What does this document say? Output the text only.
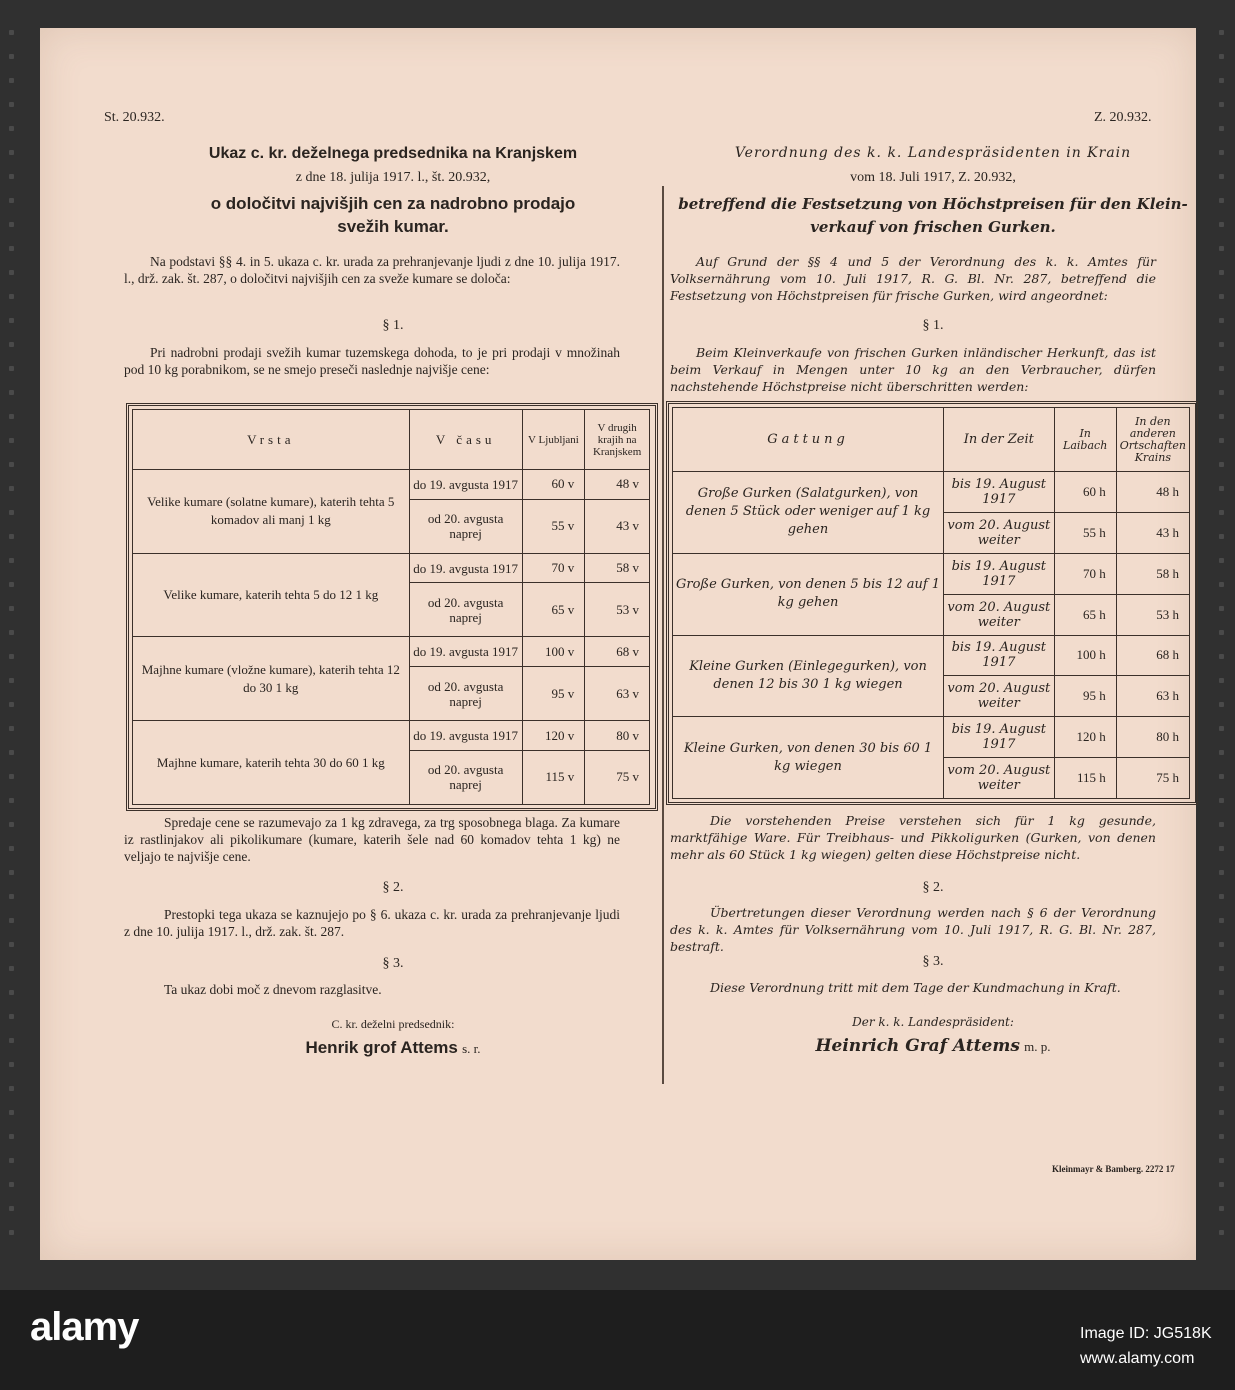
St. 20.932.
Ukaz c. kr. deželnega predsednika na Kranjskem
z dne 18. julija 1917. l., št. 20.932,
o določitvi najvišjih cen za nadrobno prodajo
svežih kumar.
Na podstavi §§ 4. in 5. ukaza c. kr. urada za prehranjevanje ljudi z dne 10. julija 1917. l., drž. zak. št. 287, o določitvi najvišjih cen za sveže kumare se določa:
§ 1.
Pri nadrobni prodaji svežih kumar tuzemskega dohoda, to je pri prodaji v množinah pod 10 kg porabnikom, se ne smejo preseči naslednje najvišje cene:
Vrsta	V času	V Ljubljani	V drugih krajih na Kranjskem
Velike kumare (solatne kumare), katerih tehta 5 komadov ali manj 1 kg	do 19. avgusta 1917	60 v	48 v
	od 20. avgusta naprej	55 v	43 v
Velike kumare, katerih tehta 5 do 12 1 kg	do 19. avgusta 1917	70 v	58 v
	od 20. avgusta naprej	65 v	53 v
Majhne kumare (vložne kumare), katerih tehta 12 do 30 1 kg	do 19. avgusta 1917	100 v	68 v
	od 20. avgusta naprej	95 v	63 v
Majhne kumare, katerih tehta 30 do 60 1 kg	do 19. avgusta 1917	120 v	80 v
	od 20. avgusta naprej	115 v	75 v
Spredaje cene se razumevajo za 1 kg zdravega, za trg sposobnega blaga. Za kumare iz rastlinjakov ali pikolikumare (kumare, katerih šele nad 60 komadov tehta 1 kg) ne veljajo te najvišje cene.
§ 2.
Prestopki tega ukaza se kaznujejo po § 6. ukaza c. kr. urada za prehranjevanje ljudi z dne 10. julija 1917. l., drž. zak. št. 287.
§ 3.
Ta ukaz dobi moč z dnevom razglasitve.
C. kr. deželni predsednik:
Henrik grof Attems s. r.
Z. 20.932.
Verordnung des k. k. Landespräsidenten in Krain
vom 18. Juli 1917, Z. 20.932,
betreffend die Festsetzung von Höchstpreisen für den Klein-
verkauf von frischen Gurken.
Auf Grund der §§ 4 und 5 der Verordnung des k. k. Amtes für Volksernährung vom 10. Juli 1917, R. G. Bl. Nr. 287, betreffend die Festsetzung von Höchstpreisen für frische Gurken, wird angeordnet:
§ 1.
Beim Kleinverkaufe von frischen Gurken inländischer Herkunft, das ist beim Verkauf in Mengen unter 10 kg an den Verbraucher, dürfen nachstehende Höchstpreise nicht überschritten werden:
Gattung	In der Zeit	In Laibach	In den anderen Ortschaften Krains
Große Gurken (Salatgurken), von denen 5 Stück oder weniger auf 1 kg gehen	bis 19. August 1917	60 h	48 h
	vom 20. August weiter	55 h	43 h
Große Gurken, von denen 5 bis 12 auf 1 kg gehen	bis 19. August 1917	70 h	58 h
	vom 20. August weiter	65 h	53 h
Kleine Gurken (Einlegegurken), von denen 12 bis 30 1 kg wiegen	bis 19. August 1917	100 h	68 h
	vom 20. August weiter	95 h	63 h
Kleine Gurken, von denen 30 bis 60 1 kg wiegen	bis 19. August 1917	120 h	80 h
	vom 20. August weiter	115 h	75 h
Die vorstehenden Preise verstehen sich für 1 kg gesunde, marktfähige Ware. Für Treibhaus- und Pikkoligurken (Gurken, von denen mehr als 60 Stück 1 kg wiegen) gelten diese Höchstpreise nicht.
§ 2.
Übertretungen dieser Verordnung werden nach § 6 der Verordnung des k. k. Amtes für Volksernährung vom 10. Juli 1917, R. G. Bl. Nr. 287, bestraft.
§ 3.
Diese Verordnung tritt mit dem Tage der Kundmachung in Kraft.
Der k. k. Landespräsident:
Heinrich Graf Attems m. p.
Kleinmayr & Bamberg. 2272 17
alamy	Image ID: JG518K
www.alamy.com
